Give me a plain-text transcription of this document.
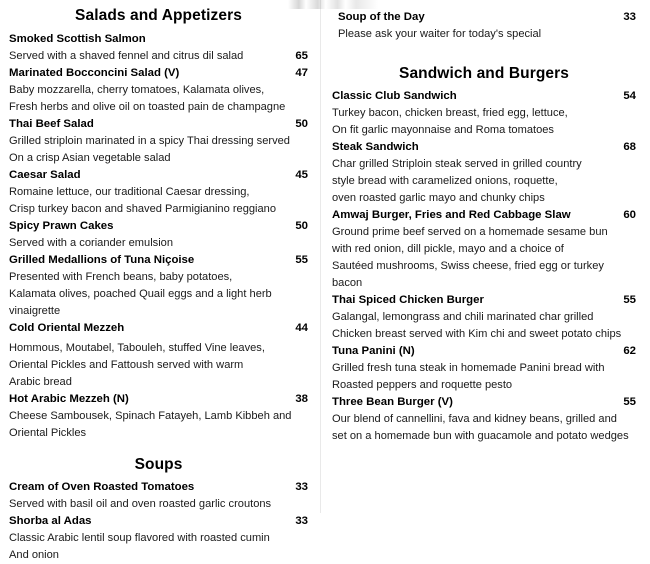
Salads and Appetizers
Smoked Scottish Salmon
Served with a shaved fennel and citrus dil salad	65
Marinated Bocconcini Salad (V)	47
Baby mozzarella, cherry tomatoes, Kalamata olives,
Fresh herbs and olive oil on toasted pain de champagne
Thai Beef Salad	50
Grilled striploin marinated in a spicy Thai dressing served
On a crisp Asian vegetable salad
Caesar Salad	45
Romaine lettuce, our traditional Caesar dressing,
Crisp turkey bacon and shaved Parmigianino reggiano
Spicy Prawn Cakes	50
Served with a coriander emulsion
Grilled Medallions of Tuna Niçoise	55
Presented with French beans, baby potatoes,
Kalamata olives, poached Quail eggs and a light herb vinaigrette
Cold Oriental Mezzeh	44
Hommous, Moutabel, Tabouleh, stuffed Vine leaves,
Oriental Pickles and Fattoush served with warm
Arabic bread
Hot Arabic Mezzeh (N)	38
Cheese Sambousek, Spinach Fatayeh, Lamb Kibbeh and
Oriental Pickles
Soups
Cream of Oven Roasted Tomatoes	33
Served with basil oil and oven roasted garlic croutons
Shorba al Adas	33
Classic Arabic lentil soup flavored with roasted cumin
And onion
Soup of the Day	33
Please ask your waiter for today's special
Sandwich and Burgers
Classic Club Sandwich	54
Turkey bacon, chicken breast, fried egg, lettuce,
On fit garlic mayonnaise and Roma tomatoes
Steak Sandwich	68
Char grilled Striploin steak served in grilled country
style bread with caramelized onions, roquette,
oven roasted garlic mayo and chunky chips
Amwaj Burger, Fries and Red Cabbage Slaw	60
Ground prime beef served on a homemade sesame bun
with red onion, dill pickle, mayo and a choice of
Sautéed mushrooms, Swiss cheese, fried egg or turkey bacon
Thai Spiced Chicken Burger	55
Galangal, lemongrass and chili marinated char grilled
Chicken breast served with Kim chi and sweet potato chips
Tuna Panini (N)	62
Grilled fresh tuna steak in homemade Panini bread with
Roasted peppers and roquette pesto
Three Bean Burger (V)	55
Our blend of cannellini, fava and kidney beans, grilled and
set on a homemade bun with guacamole and potato wedges
